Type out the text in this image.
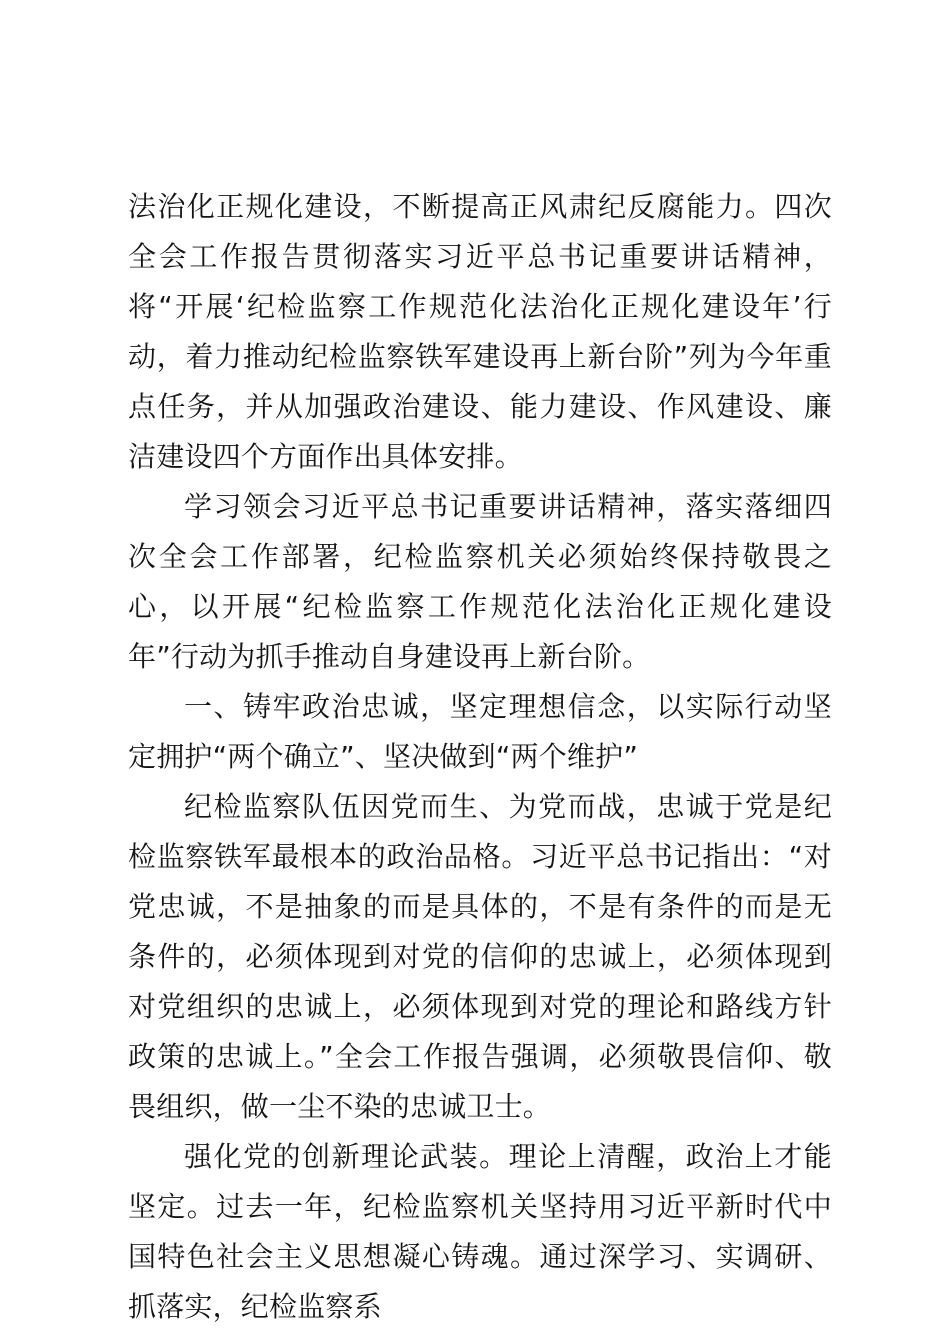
法治化正规化建设，不断提高正风肃纪反腐能力。四次全会工作报告贯彻落实习近平总书记重要讲话精神，将“开展‘纪检监察工作规范化法治化正规化建设年’行动，着力推动纪检监察铁军建设再上新台阶”列为今年重点任务，并从加强政治建设、能力建设、作风建设、廉洁建设四个方面作出具体安排。

学习领会习近平总书记重要讲话精神，落实落细四次全会工作部署，纪检监察机关必须始终保持敬畏之心，以开展“纪检监察工作规范化法治化正规化建设年”行动为抓手推动自身建设再上新台阶。

一、铸牢政治忠诚，坚定理想信念，以实际行动坚定拥护“两个确立”、坚决做到“两个维护”

纪检监察队伍因党而生、为党而战，忠诚于党是纪检监察铁军最根本的政治品格。习近平总书记指出：“对党忠诚，不是抽象的而是具体的，不是有条件的而是无条件的，必须体现到对党的信仰的忠诚上，必须体现到对党组织的忠诚上，必须体现到对党的理论和路线方针政策的忠诚上。”全会工作报告强调，必须敬畏信仰、敬畏组织，做一尘不染的忠诚卫士。

强化党的创新理论武装。理论上清醒，政治上才能坚定。过去一年，纪检监察机关坚持用习近平新时代中国特色社会主义思想凝心铸魂。通过深学习、实调研、抓落实，纪检监察系
